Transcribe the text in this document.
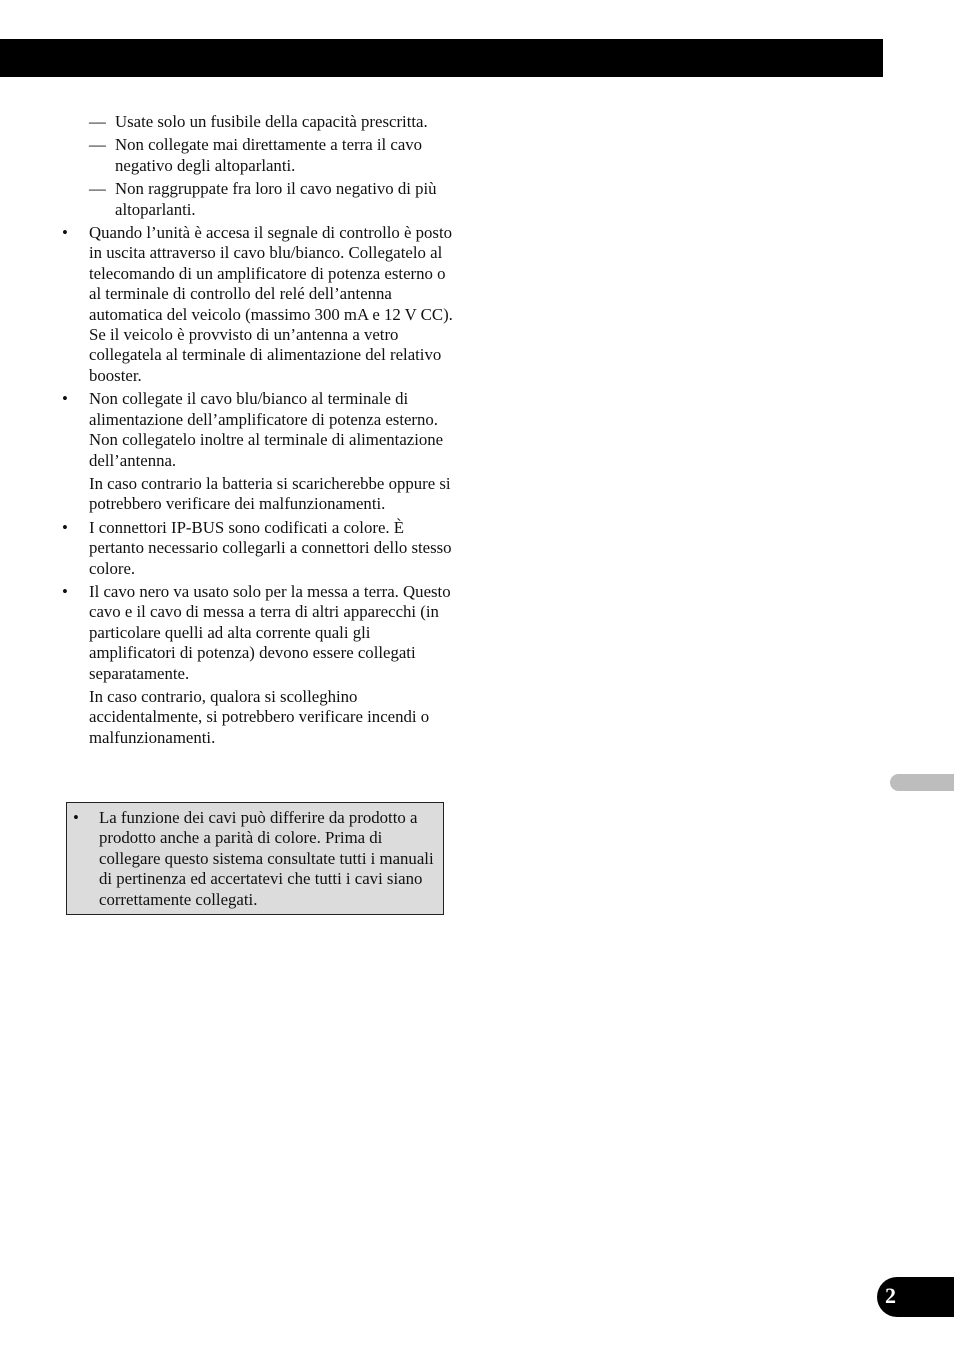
— Usate solo un fusibile della capacità prescritta.
— Non collegate mai direttamente a terra il cavo negativo degli altoparlanti.
— Non raggruppate fra loro il cavo negativo di più altoparlanti.
• Quando l’unità è accesa il segnale di controllo è posto in uscita attraverso il cavo blu/bianco. Collegatelo al telecomando di un amplificatore di potenza esterno o al terminale di controllo del relé dell’antenna automatica del veicolo (massimo 300 mA e 12 V CC). Se il veicolo è provvisto di un’antenna a vetro collegatela al terminale di alimentazione del relativo booster.

• Non collegate il cavo blu/bianco al terminale di alimentazione dell’amplificatore di potenza esterno. Non collegatelo inoltre al terminale di alimentazione dell’antenna.

In caso contrario la batteria si scaricherebbe oppure si potrebbero verificare dei malfunzionamenti.

• I connettori IP-BUS sono codificati a colore. È pertanto necessario collegarli a connettori dello stesso colore.

• Il cavo nero va usato solo per la messa a terra. Questo cavo e il cavo di messa a terra di altri apparecchi (in particolare quelli ad alta corrente quali gli amplificatori di potenza) devono essere collegati separatamente.

In caso contrario, qualora si scolleghino accidentalmente, si potrebbero verificare incendi o malfunzionamenti.

• La funzione dei cavi può differire da prodotto a prodotto anche a parità di colore. Prima di collegare questo sistema consultate tutti i manuali di pertinenza ed accertatevi che tutti i cavi siano correttamente collegati.
2
